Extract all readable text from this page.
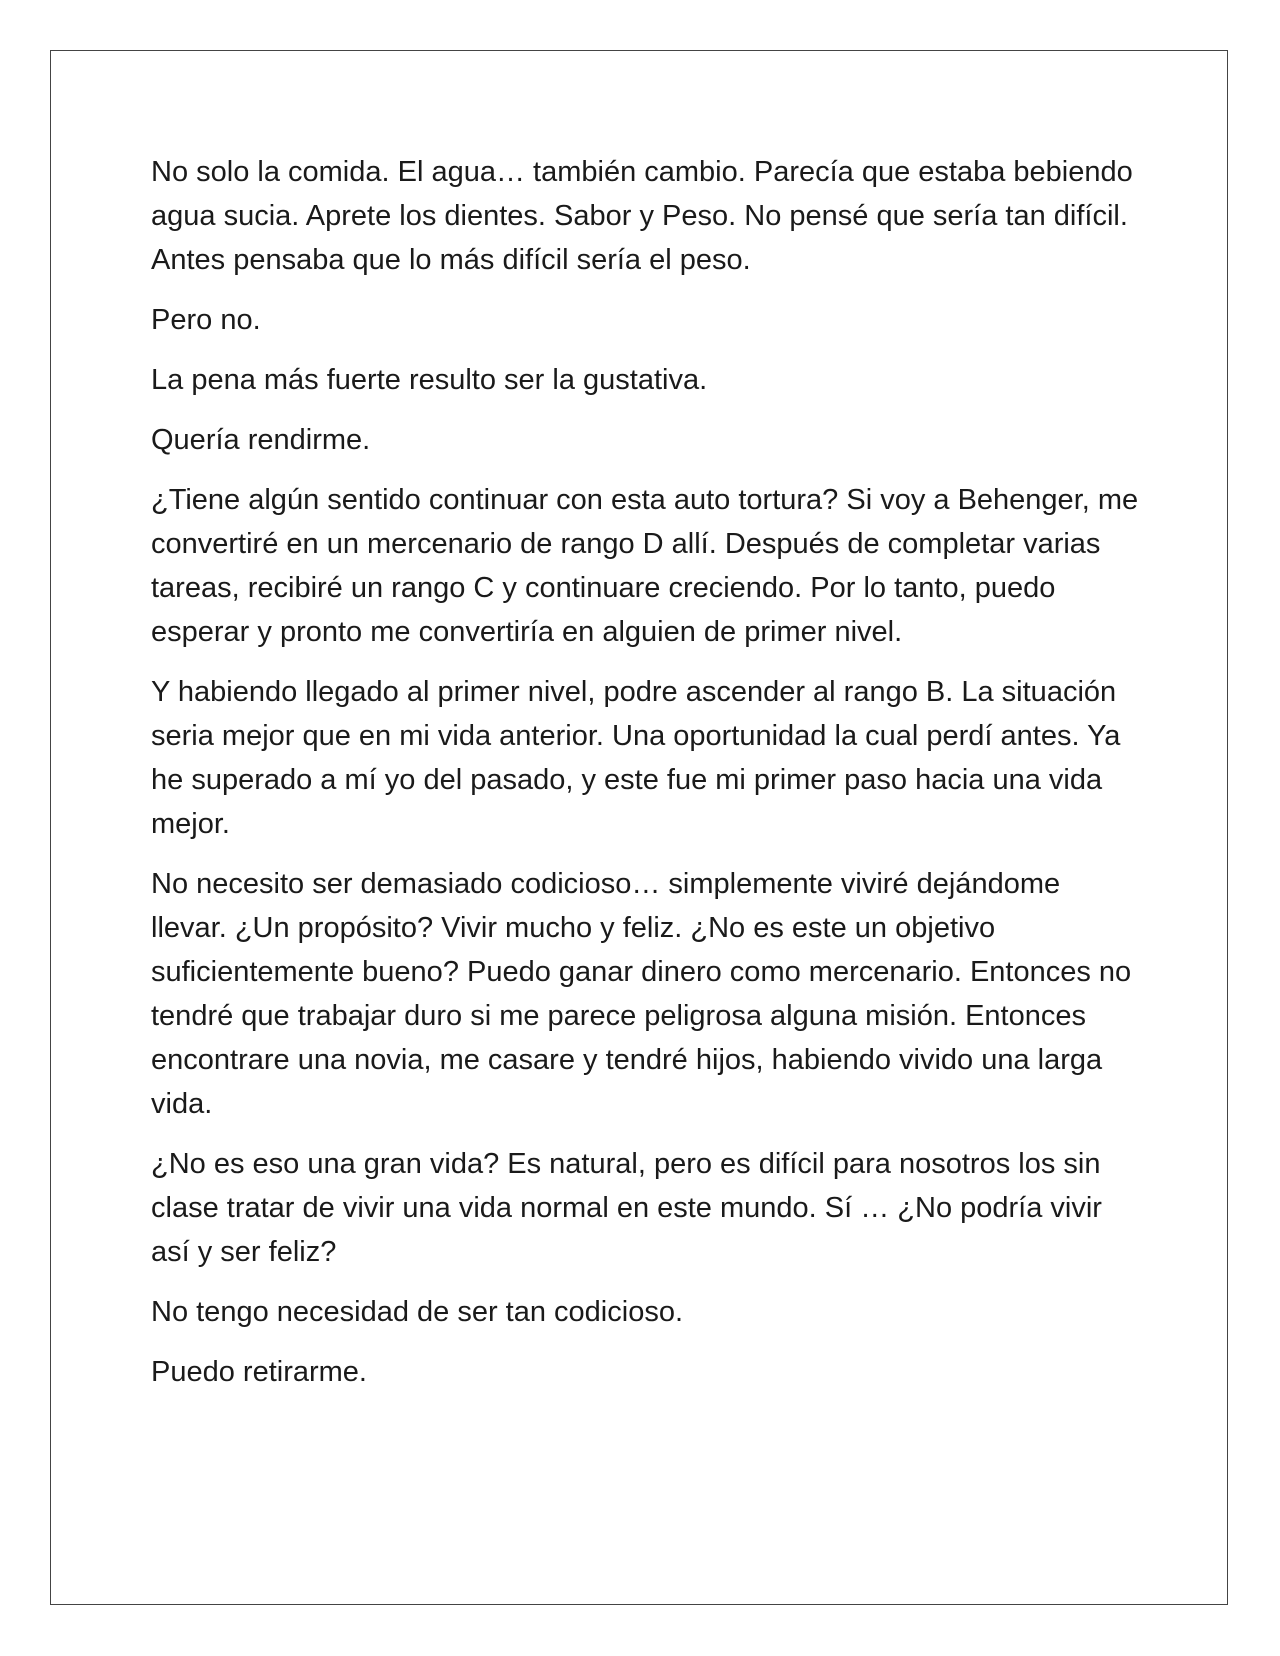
No solo la comida. El agua… también cambio. Parecía que estaba bebiendo agua sucia. Aprete los dientes. Sabor y Peso. No pensé que sería tan difícil. Antes pensaba que lo más difícil sería el peso.

Pero no.

La pena más fuerte resulto ser la gustativa.

Quería rendirme.

¿Tiene algún sentido continuar con esta auto tortura? Si voy a Behenger, me convertiré en un mercenario de rango D allí. Después de completar varias tareas, recibiré un rango C y continuare creciendo. Por lo tanto, puedo esperar y pronto me convertiría en alguien de primer nivel.

Y habiendo llegado al primer nivel, podre ascender al rango B. La situación seria mejor que en mi vida anterior. Una oportunidad la cual perdí antes. Ya he superado a mí yo del pasado, y este fue mi primer paso hacia una vida mejor.

No necesito ser demasiado codicioso… simplemente viviré dejándome llevar. ¿Un propósito? Vivir mucho y feliz. ¿No es este un objetivo suficientemente bueno? Puedo ganar dinero como mercenario. Entonces no tendré que trabajar duro si me parece peligrosa alguna misión. Entonces encontrare una novia, me casare y tendré hijos, habiendo vivido una larga vida.

¿No es eso una gran vida? Es natural, pero es difícil para nosotros los sin clase tratar de vivir una vida normal en este mundo. Sí … ¿No podría vivir así y ser feliz?

No tengo necesidad de ser tan codicioso.

Puedo retirarme.
